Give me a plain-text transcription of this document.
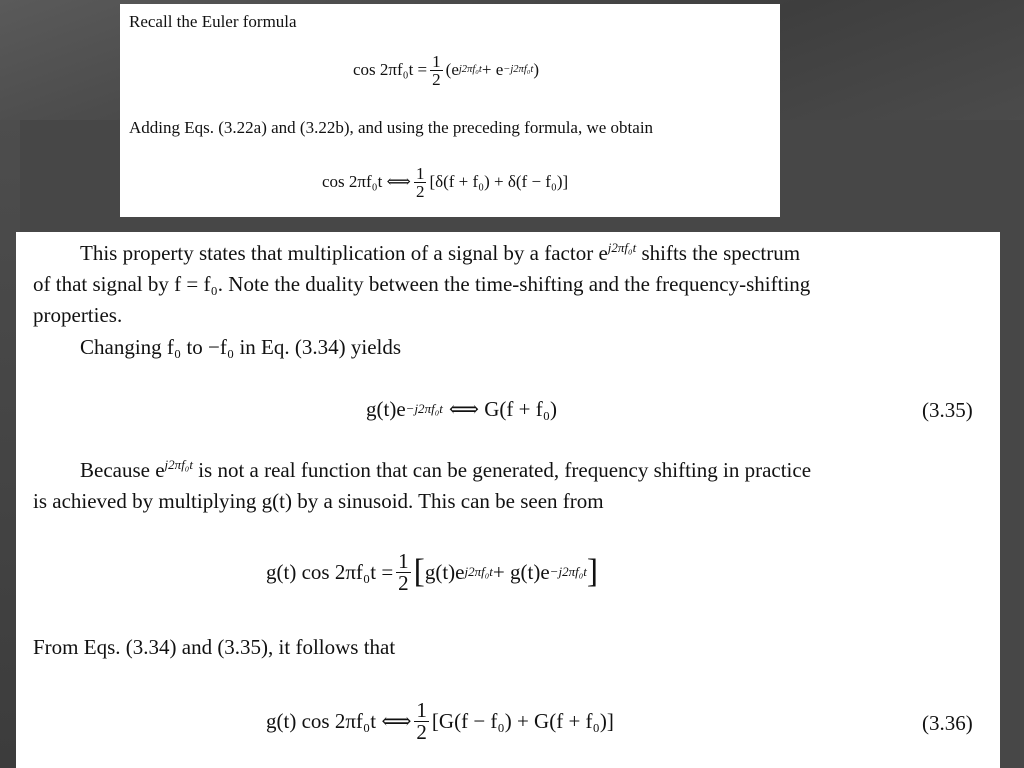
Recall the Euler formula
$\cos 2\pi f_0t = \frac{1}{2} (e$ j2πf₀t + e −j2πf₀t )
Adding Eqs. (3.22a) and (3.22b), and using the preceding formula, we obtain
cos 2πf₀t ⟺ $\frac{1}{2} [\delta(f + f_0) + \delta(f - f_0)]$
This property states that multiplication of a signal by a factor $e^{j2\pi f_0t}$ shifts the spectrum
of that signal by f = f₀. Note the duality between the time-shifting and the frequency-shifting
properties.
Changing f₀ to −f₀ in Eq. (3.34) yields
g(t)e −j2πf₀t ⟺ G(f + f₀)	(3.35)
Because $e^{j2\pi f_0t}$ is not a real function that can be generated, frequency shifting in practice
is achieved by multiplying g(t) by a sinusoid. This can be seen from
g(t) $\cos 2\pi f_0t = \frac{1}{2}$ [ g(t)e j2πf₀t + g(t)e −j2πf₀t ]
From Eqs. (3.34) and (3.35), it follows that
g(t) cos 2πf₀t ⟺ $\frac{1}{2} [G(f - f_0) + G(f + f_0)]$	(3.36)
